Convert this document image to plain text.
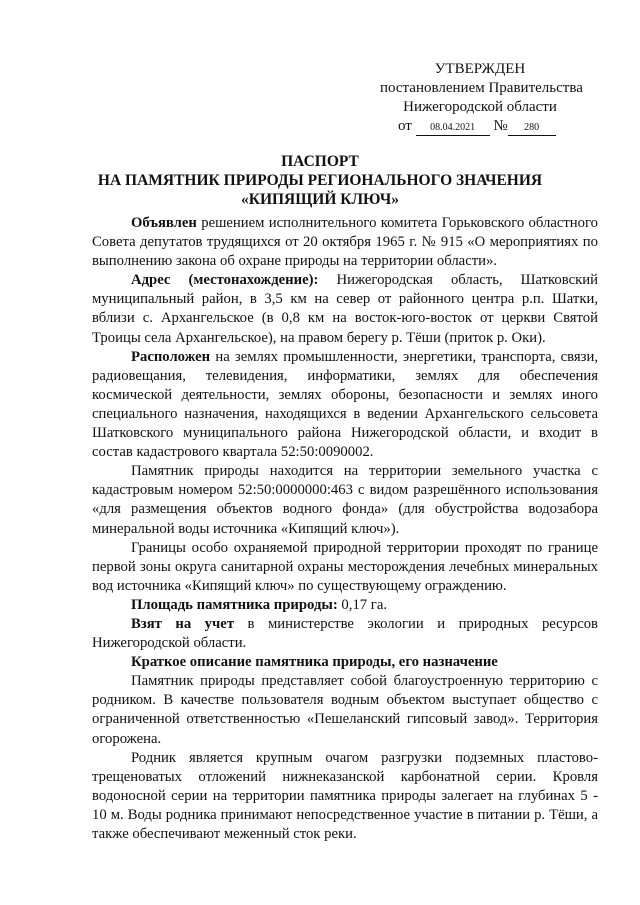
УТВЕРЖДЕН
постановлением Правительства
Нижегородской области
от 08.04.2021 № 280
ПАСПОРТ
НА ПАМЯТНИК ПРИРОДЫ РЕГИОНАЛЬНОГО ЗНАЧЕНИЯ
«КИПЯЩИЙ КЛЮЧ»

Объявлен решением исполнительного комитета Горьковского областного Совета депутатов трудящихся от 20 октября 1965 г. № 915 «О мероприятиях по выполнению закона об охране природы на территории области».

Адрес (местонахождение): Нижегородская область, Шатковский муниципальный район, в 3,5 км на север от районного центра р.п. Шатки, вблизи с. Архангельское (в 0,8 км на восток-юго-восток от церкви Святой Троицы села Архангельское), на правом берегу р. Тёши (приток р. Оки).

Расположен на землях промышленности, энергетики, транспорта, связи, радиовещания, телевидения, информатики, землях для обеспечения космической деятельности, землях обороны, безопасности и землях иного специального назначения, находящихся в ведении Архангельского сельсовета Шатковского муниципального района Нижегородской области, и входит в состав кадастрового квартала 52:50:0090002.

Памятник природы находится на территории земельного участка с кадастровым номером 52:50:0000000:463 с видом разрешённого использования «для размещения объектов водного фонда» (для обустройства водозабора минеральной воды источника «Кипящий ключ»).

Границы особо охраняемой природной территории проходят по границе первой зоны округа санитарной охраны месторождения лечебных минеральных вод источника «Кипящий ключ» по существующему ограждению.

Площадь памятника природы: 0,17 га.

Взят на учет в министерстве экологии и природных ресурсов Нижегородской области.

Краткое описание памятника природы, его назначение

Памятник природы представляет собой благоустроенную территорию с родником. В качестве пользователя водным объектом выступает общество с ограниченной ответственностью «Пешеланский гипсовый завод». Территория огорожена.

Родник является крупным очагом разгрузки подземных пластово-трещеноватых отложений нижнеказанской карбонатной серии. Кровля водоносной серии на территории памятника природы залегает на глубинах 5 - 10 м. Воды родника принимают непосредственное участие в питании р. Тёши, а также обеспечивают меженный сток реки.
